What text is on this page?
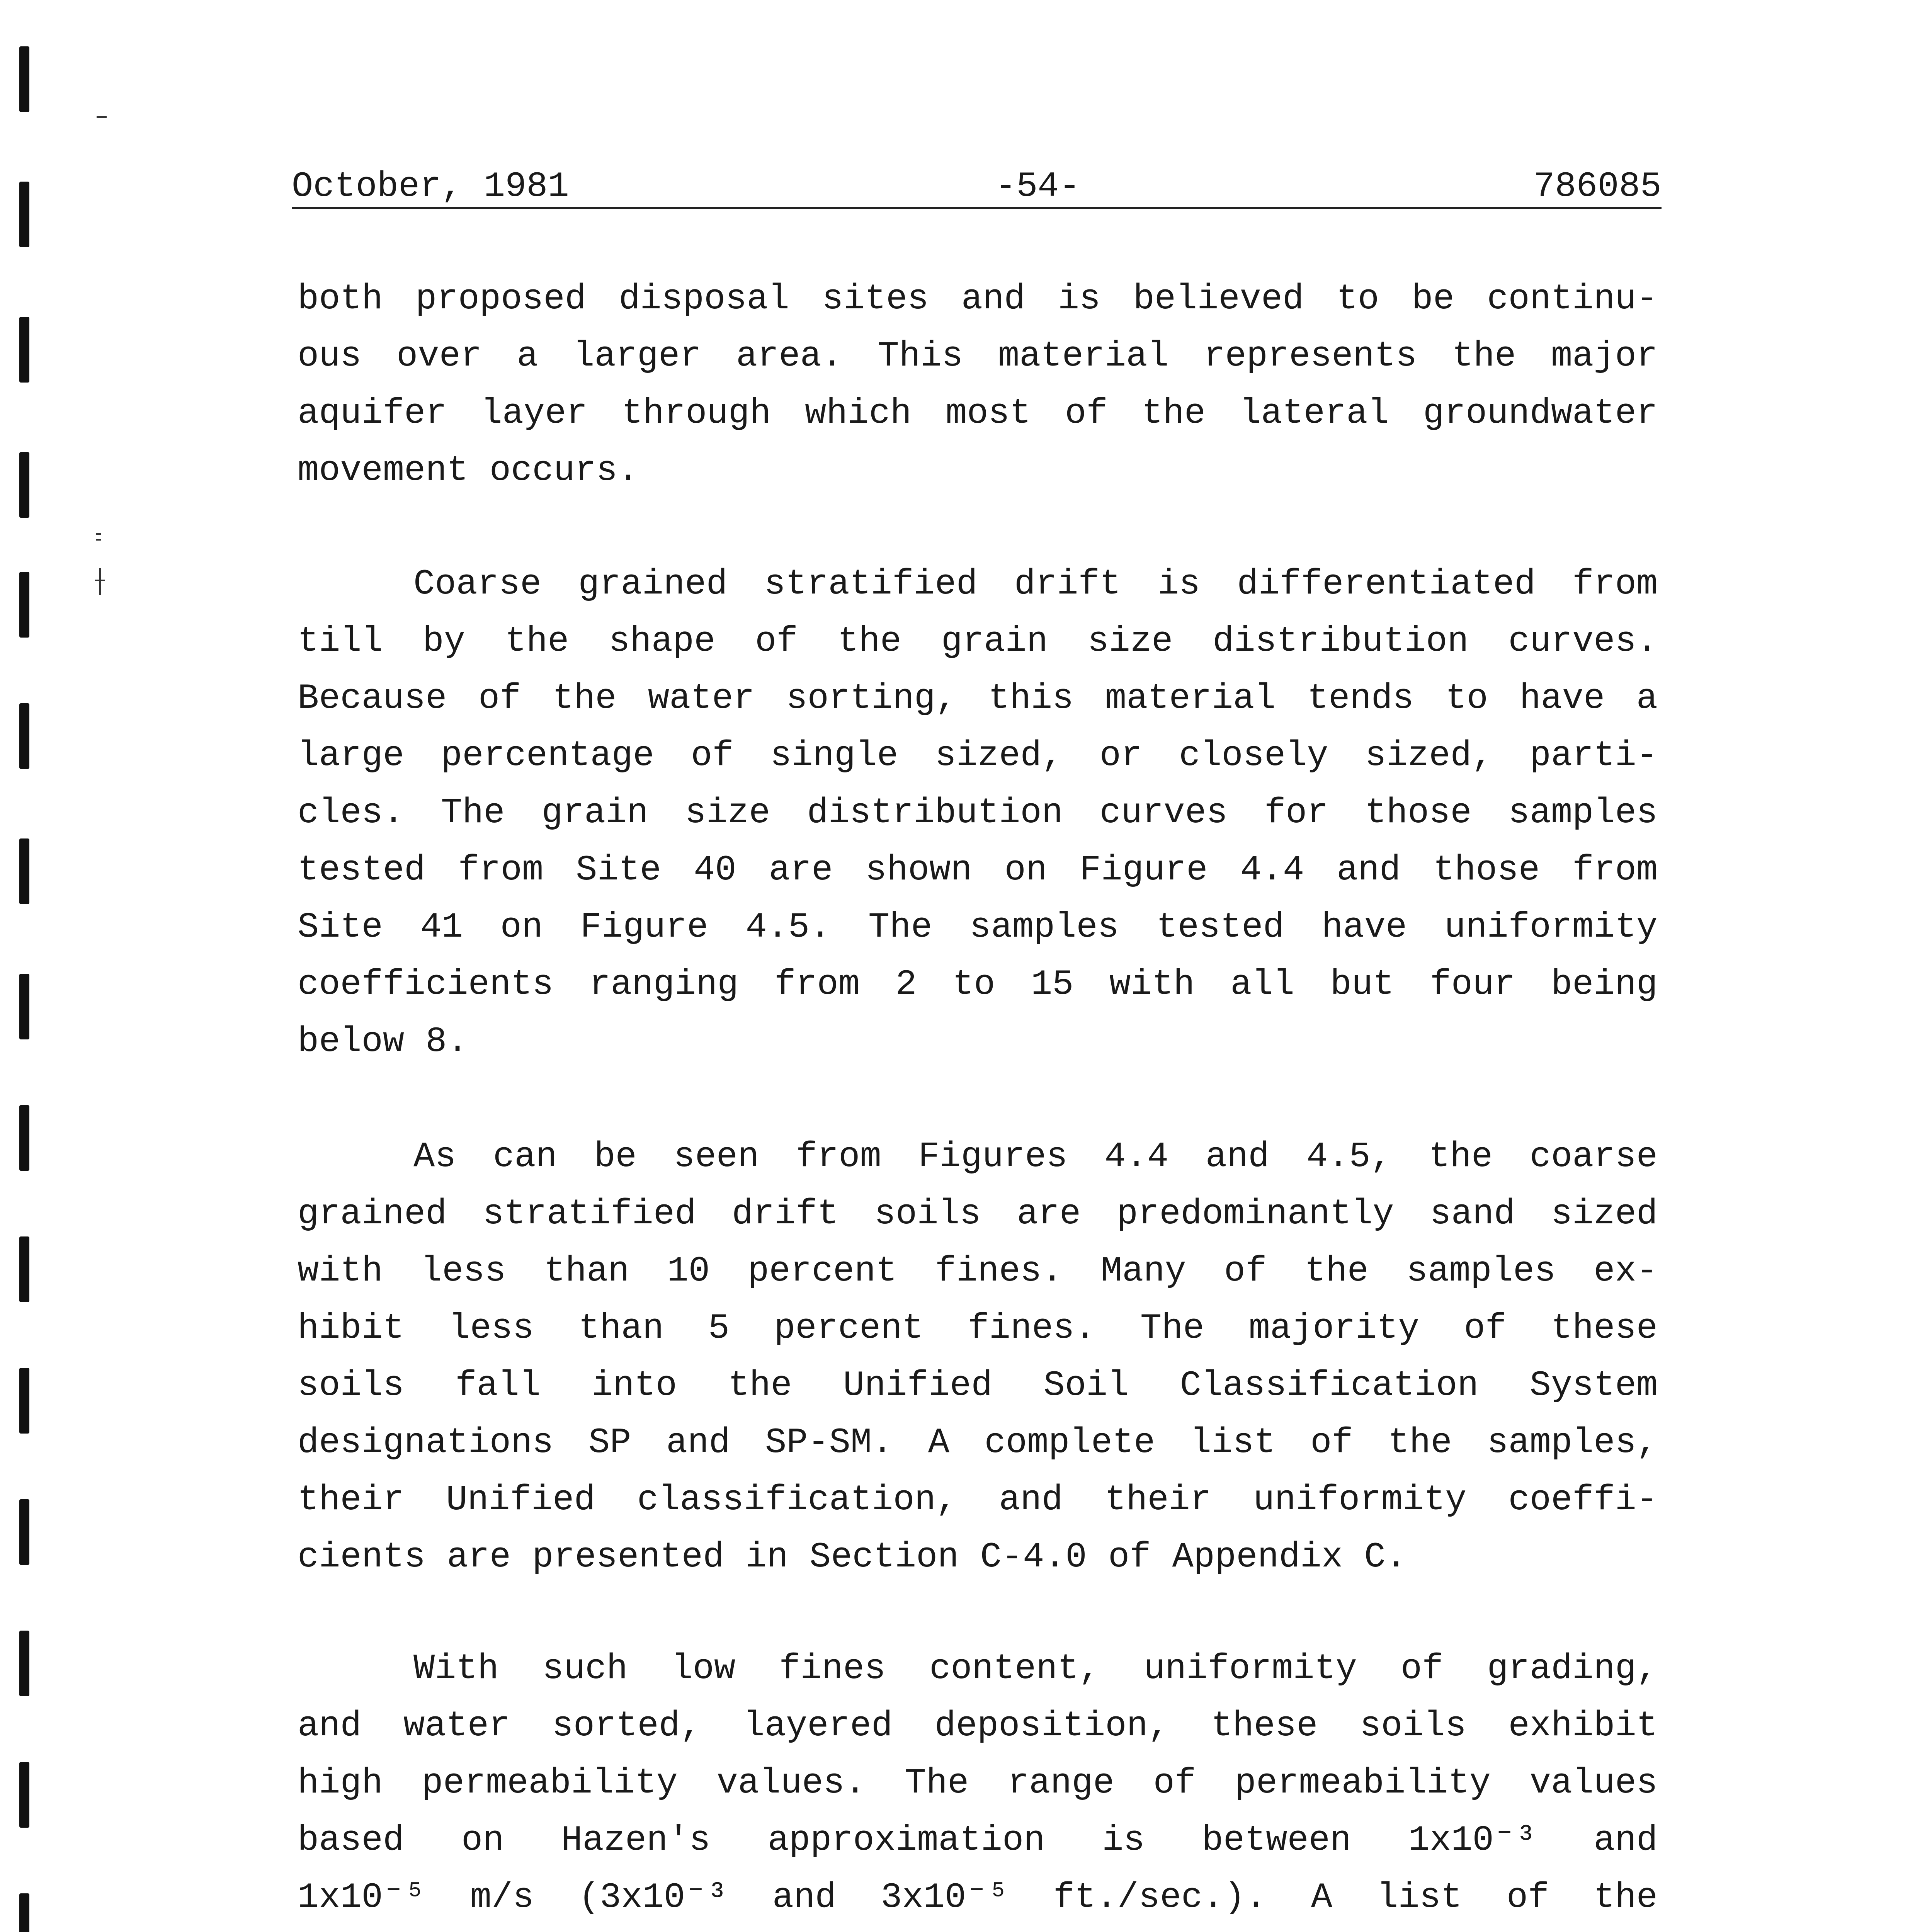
October, 1981	-54-	786085
both proposed disposal sites and is believed to be continu-
ous over a larger area. This material represents the major
aquifer layer through which most of the lateral groundwater
movement occurs.
Coarse grained stratified drift is differentiated from
till by the shape of the grain size distribution curves.
Because of the water sorting, this material tends to have a
large percentage of single sized, or closely sized, parti-
cles. The grain size distribution curves for those samples
tested from Site 40 are shown on Figure 4.4 and those from
Site 41 on Figure 4.5. The samples tested have uniformity
coefficients ranging from 2 to 15 with all but four being
below 8.
As can be seen from Figures 4.4 and 4.5, the coarse
grained stratified drift soils are predominantly sand sized
with less than 10 percent fines. Many of the samples ex-
hibit less than 5 percent fines. The majority of these
soils fall into the Unified Soil Classification System
designations SP and SP-SM. A complete list of the samples,
their Unified classification, and their uniformity coeffi-
cients are presented in Section C-4.0 of Appendix C.
With such low fines content, uniformity of grading,
and water sorted, layered deposition, these soils exhibit
high permeability values. The range of permeability values
based on Hazen's approximation is between 1x10⁻³ and
1x10⁻⁵ m/s (3x10⁻³ and 3x10⁻⁵ ft./sec.). A list of the
